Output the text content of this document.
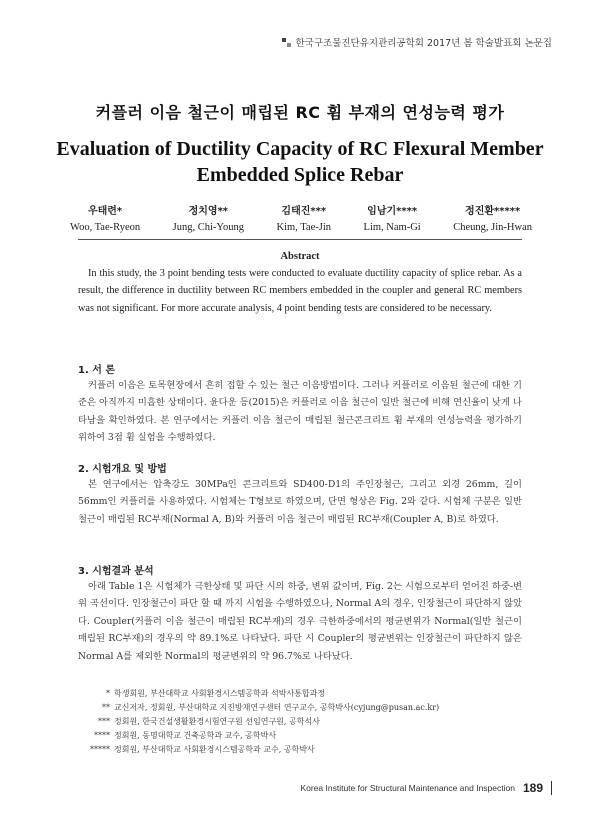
한국구조물진단유지관리공학회 2017년 봄 학술발표회 논문집
커플러 이음 철근이 매립된 RC 휨 부재의 연성능력 평가
Evaluation of Ductility Capacity of RC Flexural Member
Embedded Splice Rebar
우태련*
Woo, Tae-Ryeon
정치영**
Jung, Chi-Young
김태진***
Kim, Tae-Jin
임남기****
Lim, Nam-Gi
정진환*****
Cheung, Jin-Hwan
Abstract
In this study, the 3 point bending tests were conducted to evaluate ductility capacity of splice rebar. As a result, the difference in ductility between RC members embedded in the coupler and general RC members was not significant. For more accurate analysis, 4 point bending tests are considered to be necessary.
1. 서 론
커플러 이음은 토목현장에서 흔히 접할 수 있는 철근 이음방법이다. 그러나 커플러로 이음된 철근에 대한 기준은 아직까지 미흡한 상태이다. 윤다운 등(2015)은 커플러로 이음 철근이 일반 철근에 비해 연신율이 낮게 나타남을 확인하였다. 본 연구에서는 커플러 이음 철근이 매립된 철근콘크리트 휨 부재의 연성능력을 평가하기 위하여 3점 휨 실험을 수행하였다.
2. 시험개요 및 방법
본 연구에서는 압축강도 30MPa인 콘크리트와 SD400-D1의 주인장철근, 그리고 외경 26mm, 길이 56mm인 커플러를 사용하였다. 시험체는 T형보로 하였으며, 단면 형상은 Fig. 2와 같다. 시험체 구분은 일반철근이 매립된 RC부재(Normal A, B)와 커플러 이음 철근이 매립된 RC부재(Coupler A, B)로 하였다.
3. 시험결과 분석
아래 Table 1은 시험체가 극한상태 및 파단 시의 하중, 변위 값이며, Fig. 2는 시험으로부터 얻어진 하중-변위 곡선이다. 인장철근이 파단 할 때 까지 시험을 수행하였으나, Normal A의 경우, 인장철근이 파단하지 않았다. Coupler(커플러 이음 철근이 매립된 RC부재)의 경우 극한하중에서의 평균변위가 Normal(일반 철근이 매립된 RC부재)의 경우의 약 89.1%로 나타났다. 파단 시 Coupler의 평균변위는 인장철근이 파단하지 않은 Normal A를 제외한 Normal의 평균변위의 약 96.7%로 나타났다.
* 학생회원, 부산대학교 사회환경시스템공학과 석박사통합과정
** 교신저자, 정회원, 부산대학교 지진방재연구센터 연구교수, 공학박사(cyjung@pusan.ac.kr)
*** 정회원, 한국건설생활환경시험연구원 선임연구원, 공학석사
**** 정회원, 동명대학교 건축공학과 교수, 공학박사
***** 정회원, 부산대학교 사회환경시스템공학과 교수, 공학박사
Korea Institute for Structural Maintenance and Inspection 189
